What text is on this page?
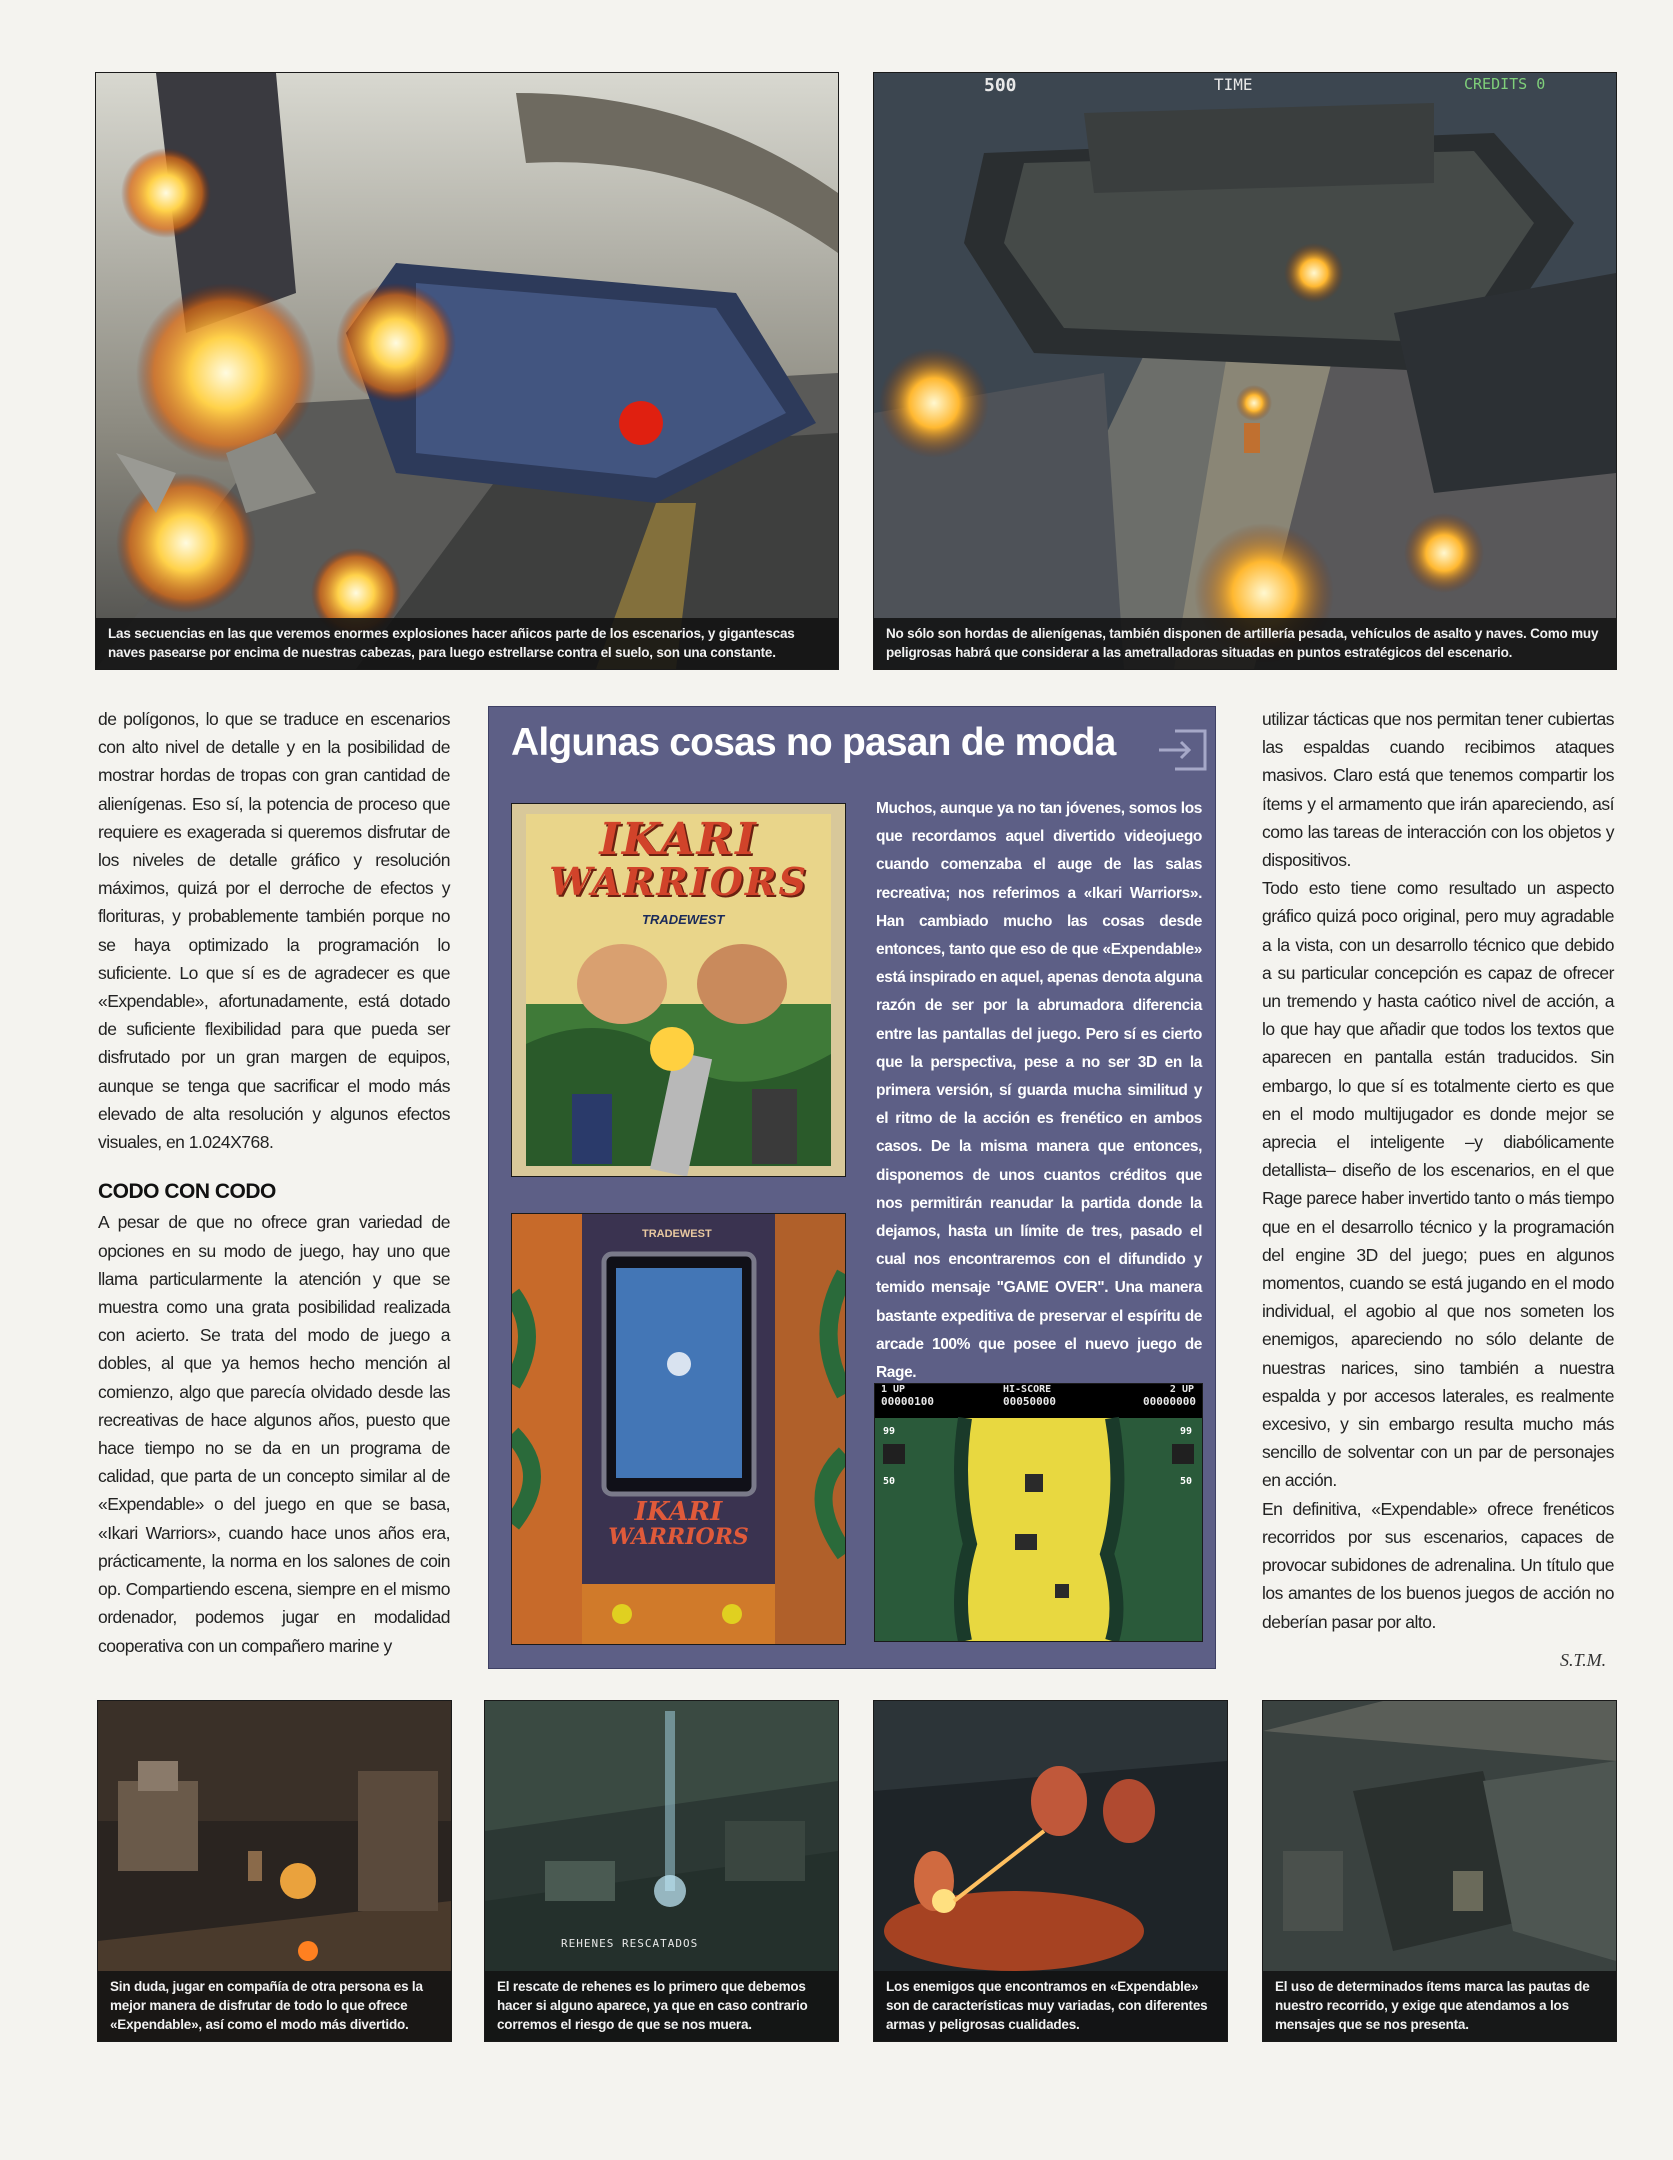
Las secuencias en las que veremos enormes explosiones hacer añicos parte de los escenarios, y gigantescas naves pasearse por encima de nuestras cabezas, para luego estrellarse contra el suelo, son una constante.
500	TIME	CREDITS 0
No sólo son hordas de alienígenas, también disponen de artillería pesada, vehículos de asalto y naves. Como muy peligrosas habrá que considerar a las ametralladoras situadas en puntos estratégicos del escenario.

de polígonos, lo que se traduce en escenarios con alto nivel de detalle y en la posibilidad de mostrar hordas de tropas con gran cantidad de alienígenas. Eso sí, la potencia de proceso que requiere es exagerada si queremos disfrutar de los niveles de detalle gráfico y resolución máximos, quizá por el derroche de efectos y florituras, y probablemente también porque no se haya optimizado la programación lo suficiente. Lo que sí es de agradecer es que «Expendable», afortunadamente, está dotado de suficiente flexibilidad para que pueda ser disfrutado por un gran margen de equipos, aunque se tenga que sacrificar el modo más elevado de alta resolución y algunos efectos visuales, en 1.024X768.

CODO CON CODO

A pesar de que no ofrece gran variedad de opciones en su modo de juego, hay uno que llama particularmente la atención y que se muestra como una grata posibilidad realizada con acierto. Se trata del modo de juego a dobles, al que ya hemos hecho mención al comienzo, algo que parecía olvidado desde las recreativas de hace algunos años, puesto que hace tiempo no se da en un programa de calidad, que parta de un concepto similar al de «Expendable» o del juego en que se basa, «Ikari Warriors», cuando hace unos años era, prácticamente, la norma en los salones de coin op. Compartiendo escena, siempre en el mismo ordenador, podemos jugar en modalidad cooperativa con un compañero marine y

Algunas cosas no pasan de moda
IKARI
WARRIORS
TRADEWEST
TRADEWEST
IKARI
WARRIORS
Muchos, aunque ya no tan jóvenes, somos los que recordamos aquel divertido videojuego cuando comenzaba el auge de las salas recreativa; nos referimos a «Ikari Warriors». Han cambiado mucho las cosas desde entonces, tanto que eso de que «Expendable» está inspirado en aquel, apenas denota alguna razón de ser por la abrumadora diferencia entre las pantallas del juego. Pero sí es cierto que la perspectiva, pese a no ser 3D en la primera versión, sí guarda mucha similitud y el ritmo de la acción es frenético en ambos casos. De la misma manera que entonces, disponemos de unos cuantos créditos que nos permitirán reanudar la partida donde la dejamos, hasta un límite de tres, pasado el cual nos encontraremos con el difundido y temido mensaje "GAME OVER". Una manera bastante expeditiva de preservar el espíritu de arcade 100% que posee el nuevo juego de Rage.
1 UP
00000100
HI-SCORE
00050000
2 UP
00000000
99
50
99
50

utilizar tácticas que nos permitan tener cubiertas las espaldas cuando recibimos ataques masivos. Claro está que tenemos compartir los ítems y el armamento que irán apareciendo, así como las tareas de interacción con los objetos y dispositivos.

Todo esto tiene como resultado un aspecto gráfico quizá poco original, pero muy agradable a la vista, con un desarrollo técnico que debido a su particular concepción es capaz de ofrecer un tremendo y hasta caótico nivel de acción, a lo que hay que añadir que todos los textos que aparecen en pantalla están traducidos. Sin embargo, lo que sí es totalmente cierto es que en el modo multijugador es donde mejor se aprecia el inteligente –y diabólicamente detallista– diseño de los escenarios, en el que Rage parece haber invertido tanto o más tiempo que en el desarrollo técnico y la programación del engine 3D del juego; pues en algunos momentos, cuando se está jugando en el modo individual, el agobio al que nos someten los enemigos, apareciendo no sólo delante de nuestras narices, sino también a nuestra espalda y por accesos laterales, es realmente excesivo, y sin embargo resulta mucho más sencillo de solventar con un par de personajes en acción.

En definitiva, «Expendable» ofrece frenéticos recorridos por sus escenarios, capaces de provocar subidones de adrenalina. Un título que los amantes de los buenos juegos de acción no deberían pasar por alto.

S.T.M.
Sin duda, jugar en compañía de otra persona es la mejor manera de disfrutar de todo lo que ofrece «Expendable», así como el modo más divertido.
REHENES RESCATADOS
El rescate de rehenes es lo primero que debemos hacer si alguno aparece, ya que en caso contrario corremos el riesgo de que se nos muera.
Los enemigos que encontramos en «Expendable» son de características muy variadas, con diferentes armas y peligrosas cualidades.
El uso de determinados ítems marca las pautas de nuestro recorrido, y exige que atendamos a los mensajes que se nos presenta.
